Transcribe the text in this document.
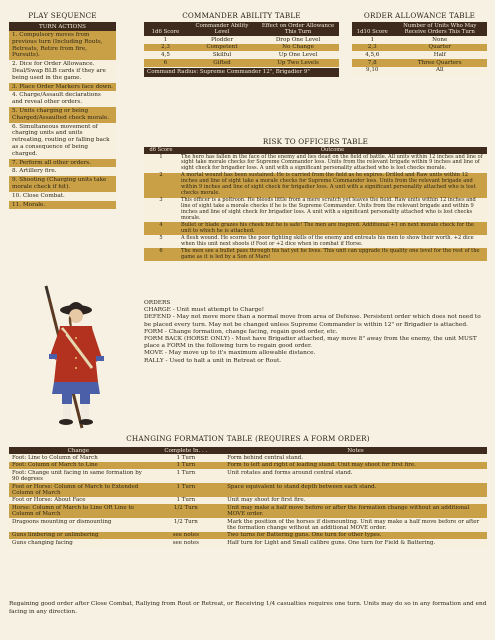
PLAY SEQUENCE
TURN ACTIONS
1. Compulsory moves from previous turn (Including Routs, Retreats, Retire from fire, Pursuits).
2. Dice for Order Allowance. Deal/Swap BLB cards if they are being used in the game.
3. Place Order Markers face down.
4. Charge/Assault declarations and reveal other orders.
5. Units charging or being Charged/Assaulted check morale.
6. Simultaneous movement of charging units and units retreating, routing or falling back as a consequence of being charged.
7. Perform all other orders.
8. Artillery fire.
9. Shooting (Charging units take morale check if hit).
10. Close Combat.
11. Morale.
COMMANDER ABILITY TABLE
1d6 Score	Commander Ability Level	Effect on Order Allowance This Turn
1	Plodder	Drop One Level
2,3	Competent	No Change
4,5	Skilful	Up One Level
6	Gifted	Up Two Levels
Command Radius: Supreme Commander 12", Brigadier 9"
ORDER ALLOWANCE TABLE
1d10 Score	Number of Units Who May Receive Orders This Turn
1	None
2,3	Quarter
4,5,6	Half
7,8	Three Quarters
9,10	All
RISK TO OFFICERS TABLE
d6 Score	Outcome
1	The hero has fallen in the face of the enemy and lies dead on the field of battle. All units within 12 inches and line of sight take morale checks for Supreme Commander loss. Units from the relevant brigade within 9 inches and line of sight check for brigadier loss. A unit with a significant personality attached who is lost checks morale.
2	A mortal wound has been sustained. He is carried from the field as he expires. Drilled and Raw units within 12 inches and line of sight take a morale checks for Supreme Commander loss. Units from the relevant brigade and within 9 inches and line of sight check for brigadier loss. A unit with a significant personality attached who is lost checks morale.
3	This officer is a poltroon. He bleeds little from a mere scratch yet leaves the field. Raw units within 12 inches and line of sight take a morale checks if he is the Supreme Commander. Units from the relevant brigade and within 9 inches and line of sight check for brigadier loss. A unit with a significant personality attached who is lost checks morale.
4	Bullet or blade grazes his cheek but he is safe! The men are inspired. Additional +1 on next morale check for the unit to which he is attached.
5	A flesh wound. He scorns the poor fighting skills of the enemy and entreats his men to show their worth. +2 dice when this unit next shoots if Foot or +2 dice when in combat if Horse.
6	The men see a bullet pass through his hat yet he lives. This unit can upgrade its quality one level for the rest of the game as it is led by a Son of Mars!
ORDERS
CHARGE - Unit must attempt to Charge!
DEFEND - May not move more than a normal move from area of Defense. Persistent order which does not need to be placed every turn. May not be changed unless Supreme Commander is within 12" or Brigadier is attached.
FORM - Change formation, change facing, regain good order, etc.
FORM BACK (HORSE ONLY) - Must have Brigadier attached, may move 8" away from the enemy, the unit MUST place a FORM in the following turn to regain good order.
MOVE - May move up to it's maximum allowable distance.
RALLY - Used to halt a unit in Retreat or Rout.
CHANGING FORMATION TABLE (REQUIRES A FORM ORDER)
Change	Complete In. . .	Notes
Foot: Line to Column of March	1 Turn	Form behind central stand.
Foot: Column of March to Line	1 Turn	Form to left and right of leading stand. Unit may shoot for first fire.
Foot: Change unit facing in same formation by 90 degrees	1 Turn	Unit rotates and forms around central stand.
Foot or Horse: Column of March to Extended Column of March	1 Turn	Space equivalent to stand depth between each stand.
Foot or Horse: About Face	1 Turn	Unit may shoot for first fire.
Horse: Column of March to Line OR Line to Column of March	1/2 Turn	Unit may make a half move before or after the formation change without an additional MOVE order.
Dragoons mounting or dismounting	1/2 Turn	Mark the position of the horses if dismounting. Unit may make a half move before or after the formation change without an additional MOVE order.
Guns limbering or unlimbering	see notes	Two turns for Battering guns. One turn for other types.
Guns changing facing	see notes	Half turn for Light and Small calibre guns. One turn for Field & Battering.
Regaining good order after Close Combat, Rallying from Rout or Retreat, or Receiving 1/4 casualties requires one turn. Units may do so in any formation and end facing in any direction.
